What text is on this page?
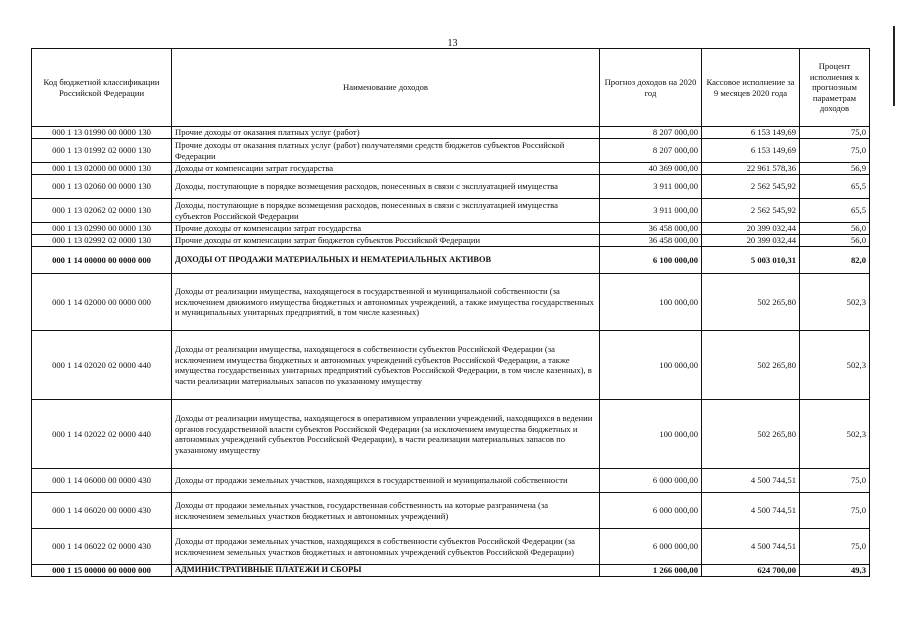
13
Код бюджетной классификации Российской Федерации	Наименование доходов	Прогноз доходов на 2020 год	Кассовое исполнение за 9 месяцев 2020 года	Процент исполнения к прогнозным параметрам доходов
000 1 13 01990 00 0000 130	Прочие доходы от оказания платных услуг (работ)	8 207 000,00	6 153 149,69	75,0
000 1 13 01992 02 0000 130	Прочие доходы от оказания платных услуг (работ) получателями средств бюджетов субъектов Российской Федерации	8 207 000,00	6 153 149,69	75,0
000 1 13 02000 00 0000 130	Доходы от компенсации затрат государства	40 369 000,00	22 961 578,36	56,9
000 1 13 02060 00 0000 130	Доходы, поступающие в порядке возмещения расходов, понесенных в связи с эксплуатацией имущества	3 911 000,00	2 562 545,92	65,5
000 1 13 02062 02 0000 130	Доходы, поступающие в порядке возмещения расходов, понесенных в связи с эксплуатацией имущества субъектов Российской Федерации	3 911 000,00	2 562 545,92	65,5
000 1 13 02990 00 0000 130	Прочие доходы от компенсации затрат государства	36 458 000,00	20 399 032,44	56,0
000 1 13 02992 02 0000 130	Прочие доходы от компенсации затрат бюджетов субъектов Российской Федерации	36 458 000,00	20 399 032,44	56,0
000 1 14 00000 00 0000 000	ДОХОДЫ ОТ ПРОДАЖИ МАТЕРИАЛЬНЫХ И НЕМАТЕРИАЛЬНЫХ АКТИВОВ	6 100 000,00	5 003 010,31	82,0
000 1 14 02000 00 0000 000	Доходы от реализации имущества, находящегося в государственной и муниципальной собственности (за исключением движимого имущества бюджетных и автономных учреждений, а также имущества государственных и муниципальных унитарных предприятий, в том числе казенных)	100 000,00	502 265,80	502,3
000 1 14 02020 02 0000 440	Доходы от реализации имущества, находящегося в собственности субъектов Российской Федерации (за исключением имущества бюджетных и автономных учреждений субъектов Российской Федерации, а также имущества государственных унитарных предприятий субъектов Российской Федерации, в том числе казенных), в части реализации материальных запасов по указанному имуществу	100 000,00	502 265,80	502,3
000 1 14 02022 02 0000 440	Доходы от реализации имущества, находящегося в оперативном управлении учреждений, находящихся в ведении органов государственной власти субъектов Российской Федерации (за исключением имущества бюджетных и автономных учреждений субъектов Российской Федерации), в части реализации материальных запасов по указанному имуществу	100 000,00	502 265,80	502,3
000 1 14 06000 00 0000 430	Доходы от продажи земельных участков, находящихся в государственной и муниципальной собственности	6 000 000,00	4 500 744,51	75,0
000 1 14 06020 00 0000 430	Доходы от продажи земельных участков, государственная собственность на которые разграничена (за исключением земельных участков бюджетных и автономных учреждений)	6 000 000,00	4 500 744,51	75,0
000 1 14 06022 02 0000 430	Доходы от продажи земельных участков, находящихся в собственности субъектов Российской Федерации (за исключением земельных участков бюджетных и автономных учреждений субъектов Российской Федерации)	6 000 000,00	4 500 744,51	75,0
000 1 15 00000 00 0000 000	АДМИНИСТРАТИВНЫЕ ПЛАТЕЖИ И СБОРЫ	1 266 000,00	624 700,00	49,3
